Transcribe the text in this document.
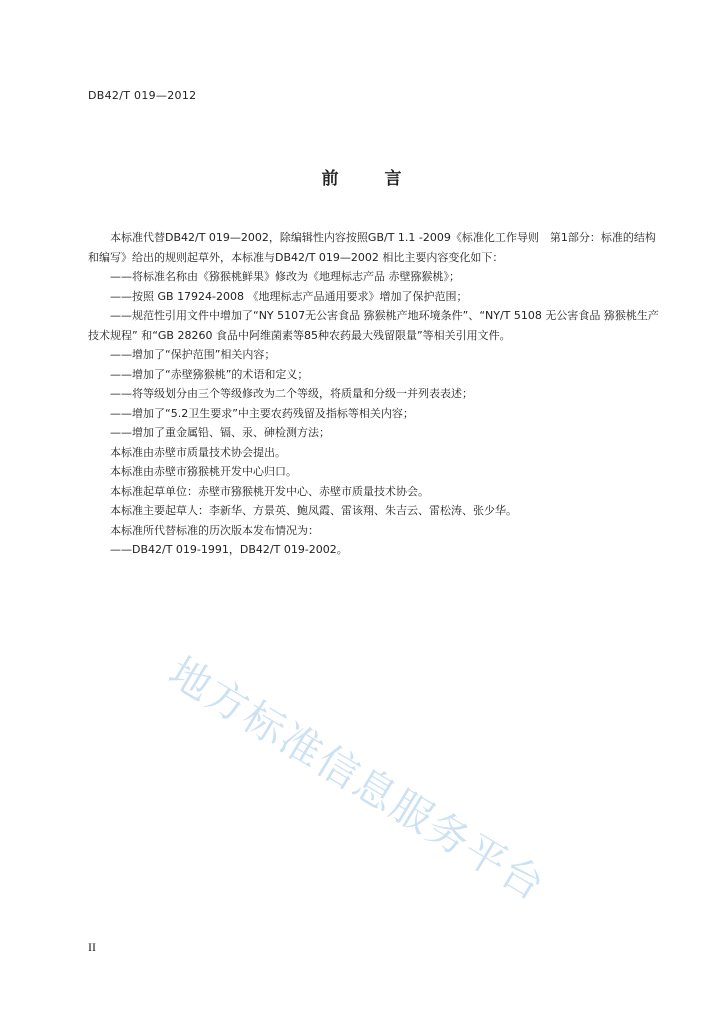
DB42/T 019—2012
前 言

本标准代替DB42/T 019—2002，除编辑性内容按照GB/T 1.1 -2009《标准化工作导则　第1部分：标准的结构和编写》给出的规则起草外，本标准与DB42/T 019—2002 相比主要内容变化如下：

——将标准名称由《猕猴桃鲜果》修改为《地理标志产品 赤壁猕猴桃》；

——按照 GB 17924-2008 《地理标志产品通用要求》增加了保护范围；

——规范性引用文件中增加了“NY 5107无公害食品 猕猴桃产地环境条件”、“NY/T 5108 无公害食品 猕猴桃生产技术规程” 和“GB 28260 食品中阿维菌素等85种农药最大残留限量”等相关引用文件。

——增加了“保护范围”相关内容；

——增加了“赤壁猕猴桃”的术语和定义；

——将等级划分由三个等级修改为二个等级，将质量和分级一并列表表述；

——增加了“5.2卫生要求”中主要农药残留及指标等相关内容；

——增加了重金属铅、镉、汞、砷检测方法；

本标准由赤壁市质量技术协会提出。

本标准由赤壁市猕猴桃开发中心归口。

本标准起草单位：赤壁市猕猴桃开发中心、赤壁市质量技术协会。

本标准主要起草人：李新华、方景英、鲍凤霞、雷该翔、朱吉云、雷松涛、张少华。

本标准所代替标准的历次版本发布情况为：

——DB42/T 019-1991，DB42/T 019-2002。

地方标准信息服务平台
II
